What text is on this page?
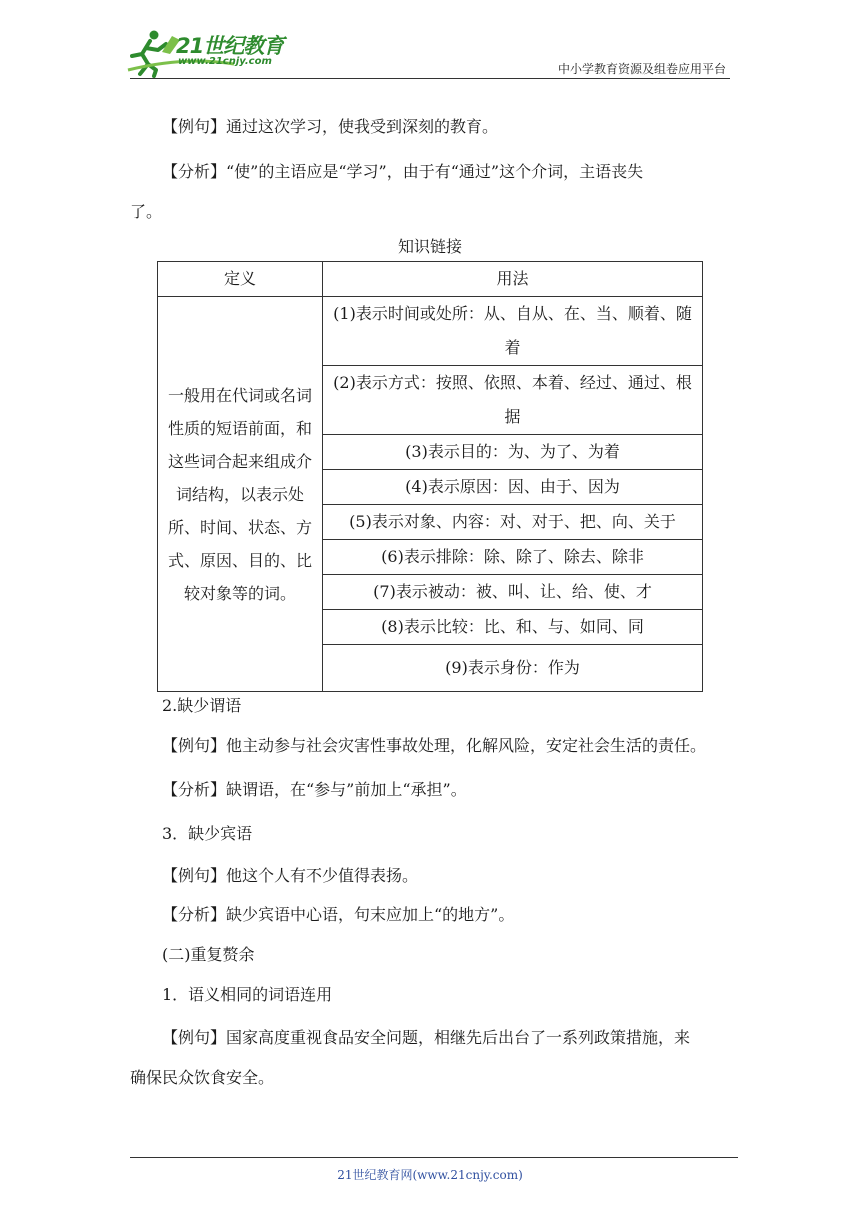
21世纪教育
www.21cnjy.com
中小学教育资源及组卷应用平台
【例句】通过这次学习，使我受到深刻的教育。
【分析】“使”的主语应是“学习”，由于有“通过”这个介词，主语丧失
了。
知识链接
定义	用法
一般用在代词或名词性质的短语前面，和这些词合起来组成介词结构，以表示处所、时间、状态、方式、原因、目的、比较对象等的词。	(1)表示时间或处所：从、自从、在、当、顺着、随着
	(2)表示方式：按照、依照、本着、经过、通过、根据
	(3)表示目的：为、为了、为着
	(4)表示原因：因、由于、因为
	(5)表示对象、内容：对、对于、把、向、关于
	(6)表示排除：除、除了、除去、除非
	(7)表示被动：被、叫、让、给、使、才
	(8)表示比较：比、和、与、如同、同
	(9)表示身份：作为
2.缺少谓语
【例句】他主动参与社会灾害性事故处理，化解风险，安定社会生活的责任。
【分析】缺谓语，在“参与”前加上“承担”。
3．缺少宾语
【例句】他这个人有不少值得表扬。
【分析】缺少宾语中心语，句末应加上“的地方”。
(二)重复赘余
1．语义相同的词语连用
【例句】国家高度重视食品安全问题，相继先后出台了一系列政策措施，来
确保民众饮食安全。
21世纪教育网(www.21cnjy.com)
